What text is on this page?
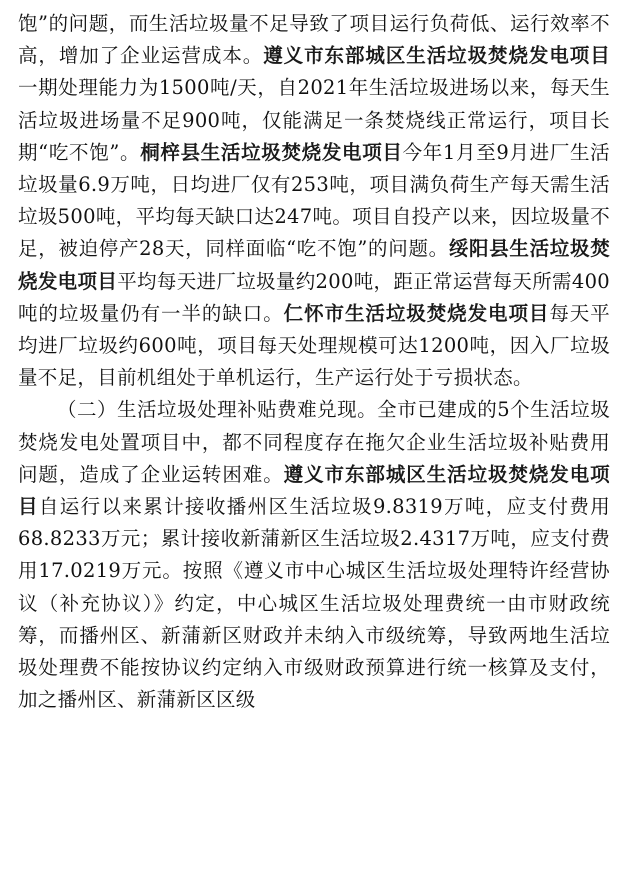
饱”的问题，而生活垃圾量不足导致了项目运行负荷低、运行效率不高，增加了企业运营成本。遵义市东部城区生活垃圾焚烧发电项目一期处理能力为1500吨/天，自2021年生活垃圾进场以来，每天生活垃圾进场量不足900吨，仅能满足一条焚烧线正常运行，项目长期“吃不饱”。桐梓县生活垃圾焚烧发电项目今年1月至9月进厂生活垃圾量6.9万吨，日均进厂仅有253吨，项目满负荷生产每天需生活垃圾500吨，平均每天缺口达247吨。项目自投产以来，因垃圾量不足，被迫停产28天，同样面临“吃不饱”的问题。绥阳县生活垃圾焚烧发电项目平均每天进厂垃圾量约200吨，距正常运营每天所需400吨的垃圾量仍有一半的缺口。仁怀市生活垃圾焚烧发电项目每天平均进厂垃圾约600吨，项目每天处理规模可达1200吨，因入厂垃圾量不足，目前机组处于单机运行，生产运行处于亏损状态。

（二）生活垃圾处理补贴费难兑现。全市已建成的5个生活垃圾焚烧发电处置项目中，都不同程度存在拖欠企业生活垃圾补贴费用问题，造成了企业运转困难。遵义市东部城区生活垃圾焚烧发电项目自运行以来累计接收播州区生活垃圾9.8319万吨，应支付费用68.8233万元；累计接收新蒲新区生活垃圾2.4317万吨，应支付费用17.0219万元。按照《遵义市中心城区生活垃圾处理特许经营协议（补充协议）》约定，中心城区生活垃圾处理费统一由市财政统筹，而播州区、新蒲新区财政并未纳入市级统筹，导致两地生活垃圾处理费不能按协议约定纳入市级财政预算进行统一核算及支付，加之播州区、新蒲新区区级
